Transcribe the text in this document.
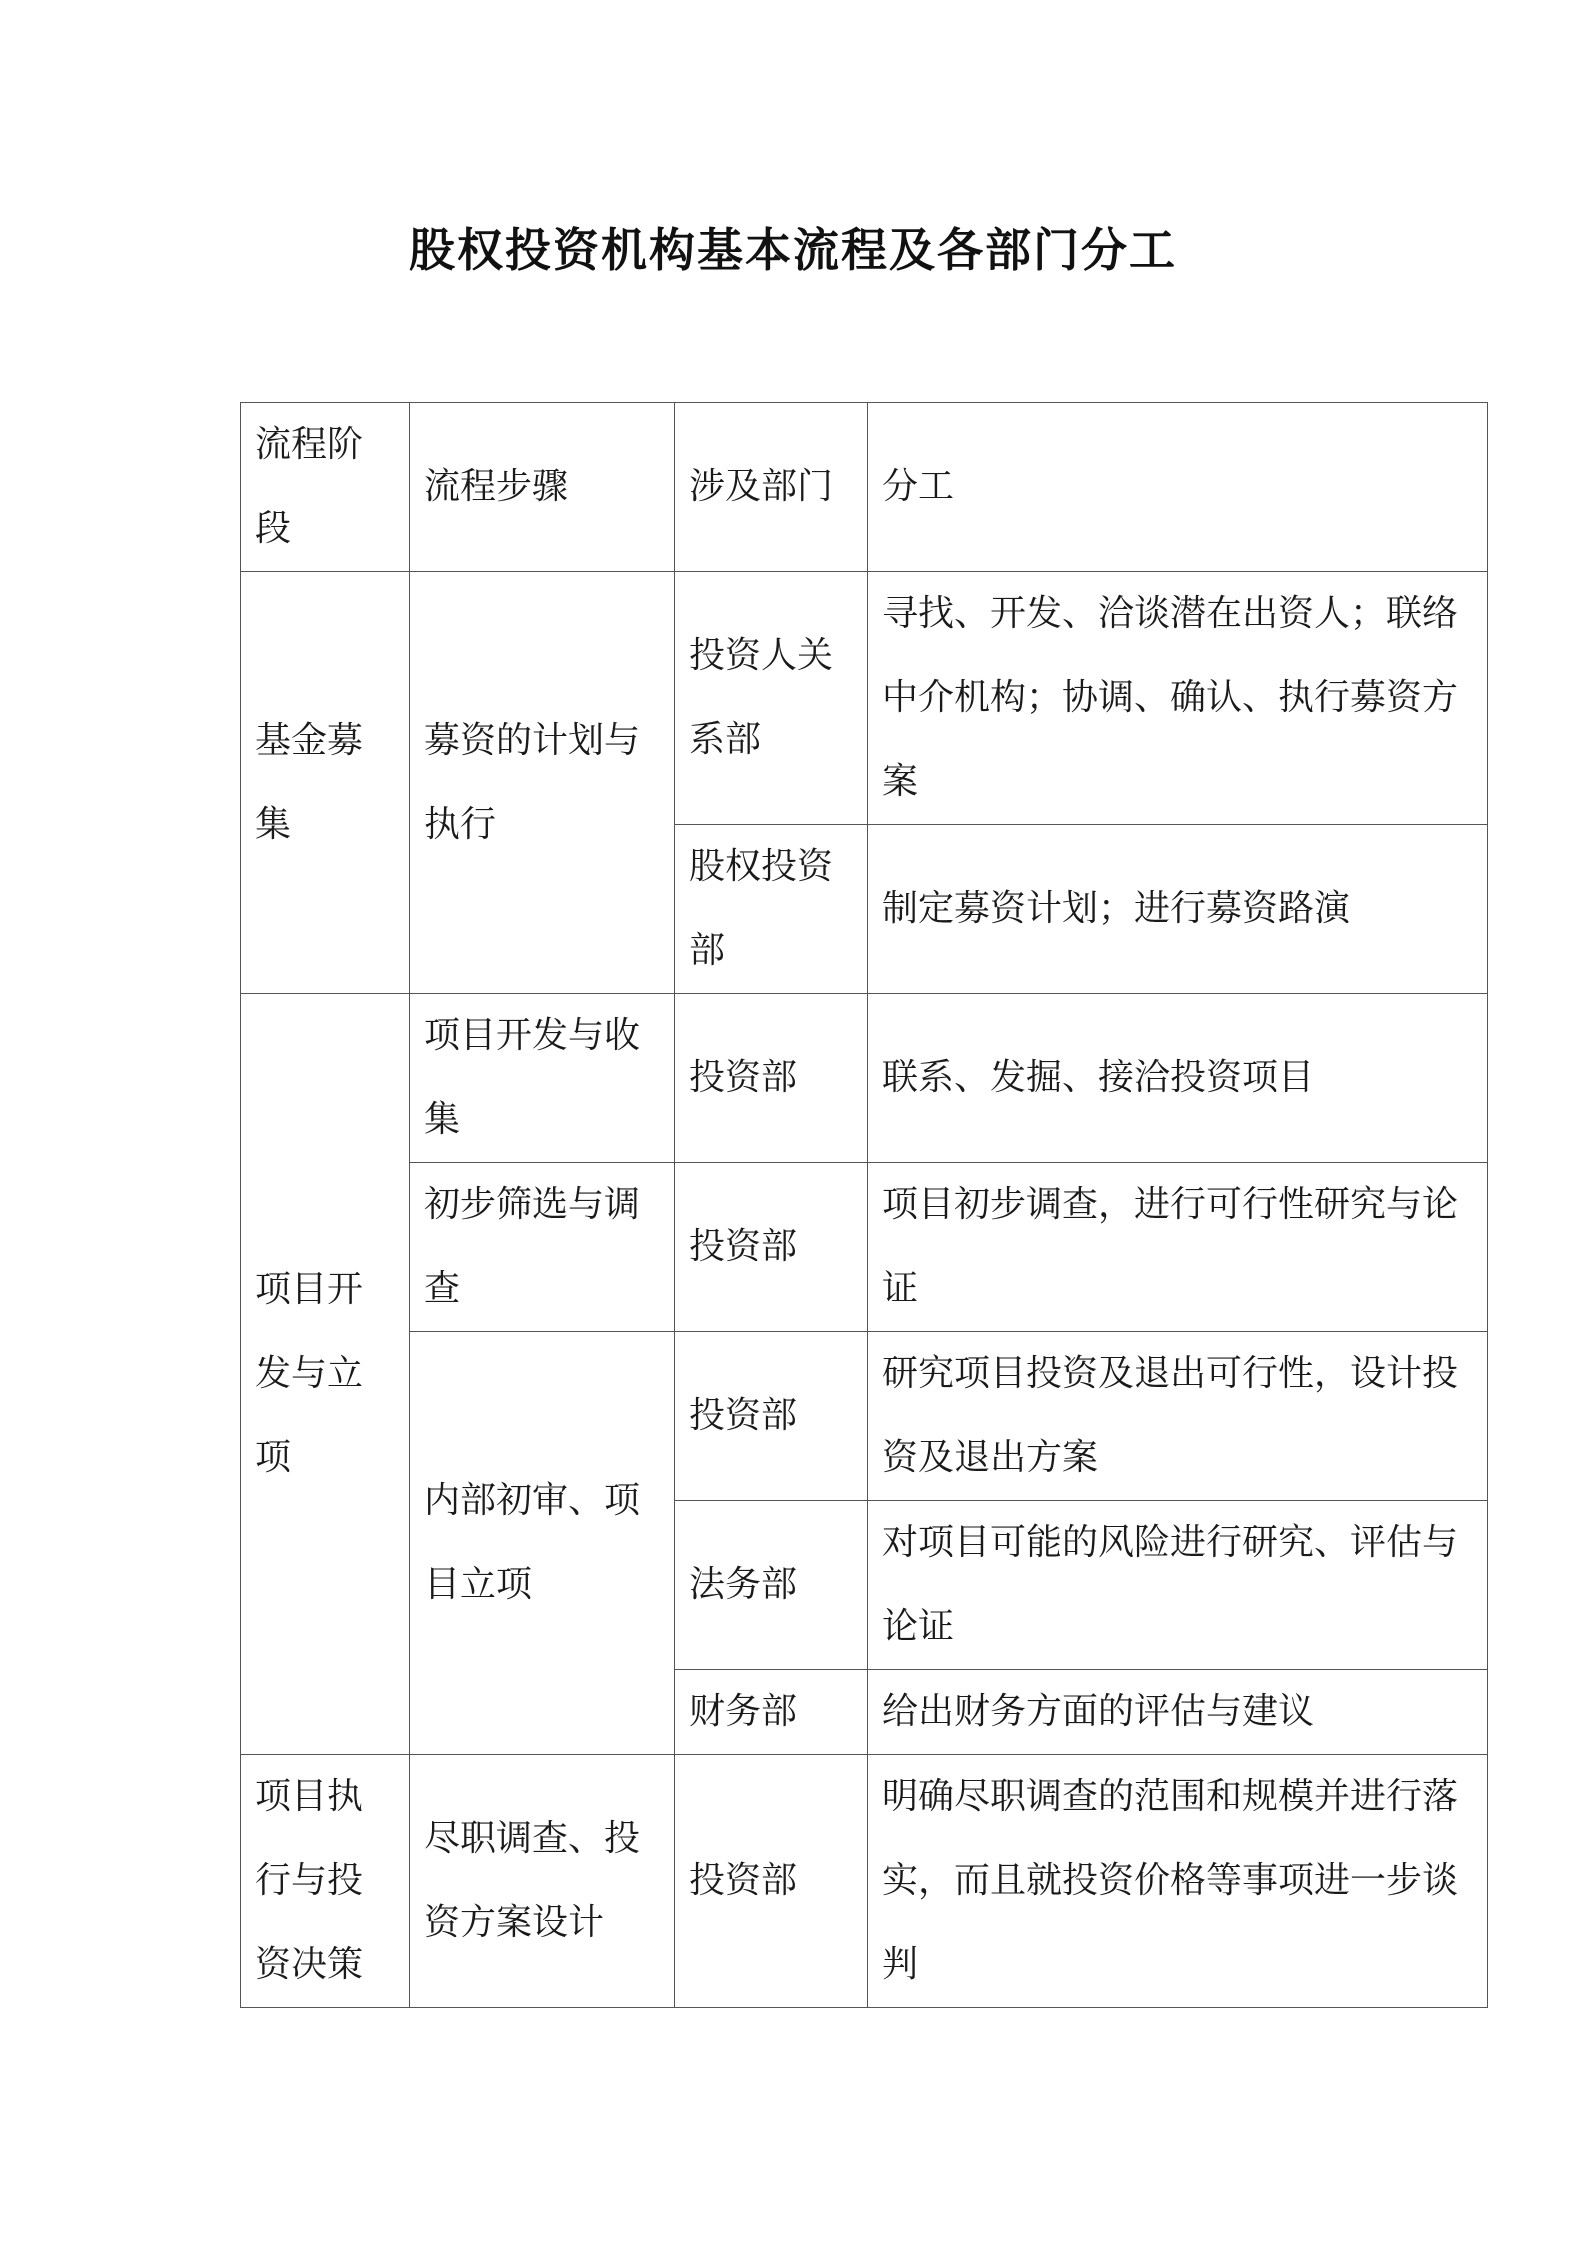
股权投资机构基本流程及各部门分工
流程阶段	流程步骤	涉及部门	分工
基金募集	募资的计划与执行	投资人关系部	寻找、开发、洽谈潜在出资人；联络中介机构；协调、确认、执行募资方案
		股权投资部	制定募资计划；进行募资路演
项目开发与立项	项目开发与收集	投资部	联系、发掘、接洽投资项目
	初步筛选与调查	投资部	项目初步调查，进行可行性研究与论证
	内部初审、项目立项	投资部	研究项目投资及退出可行性，设计投资及退出方案
		法务部	对项目可能的风险进行研究、评估与论证
		财务部	给出财务方面的评估与建议
项目执行与投资决策	尽职调查、投资方案设计	投资部	明确尽职调查的范围和规模并进行落实，而且就投资价格等事项进一步谈判
